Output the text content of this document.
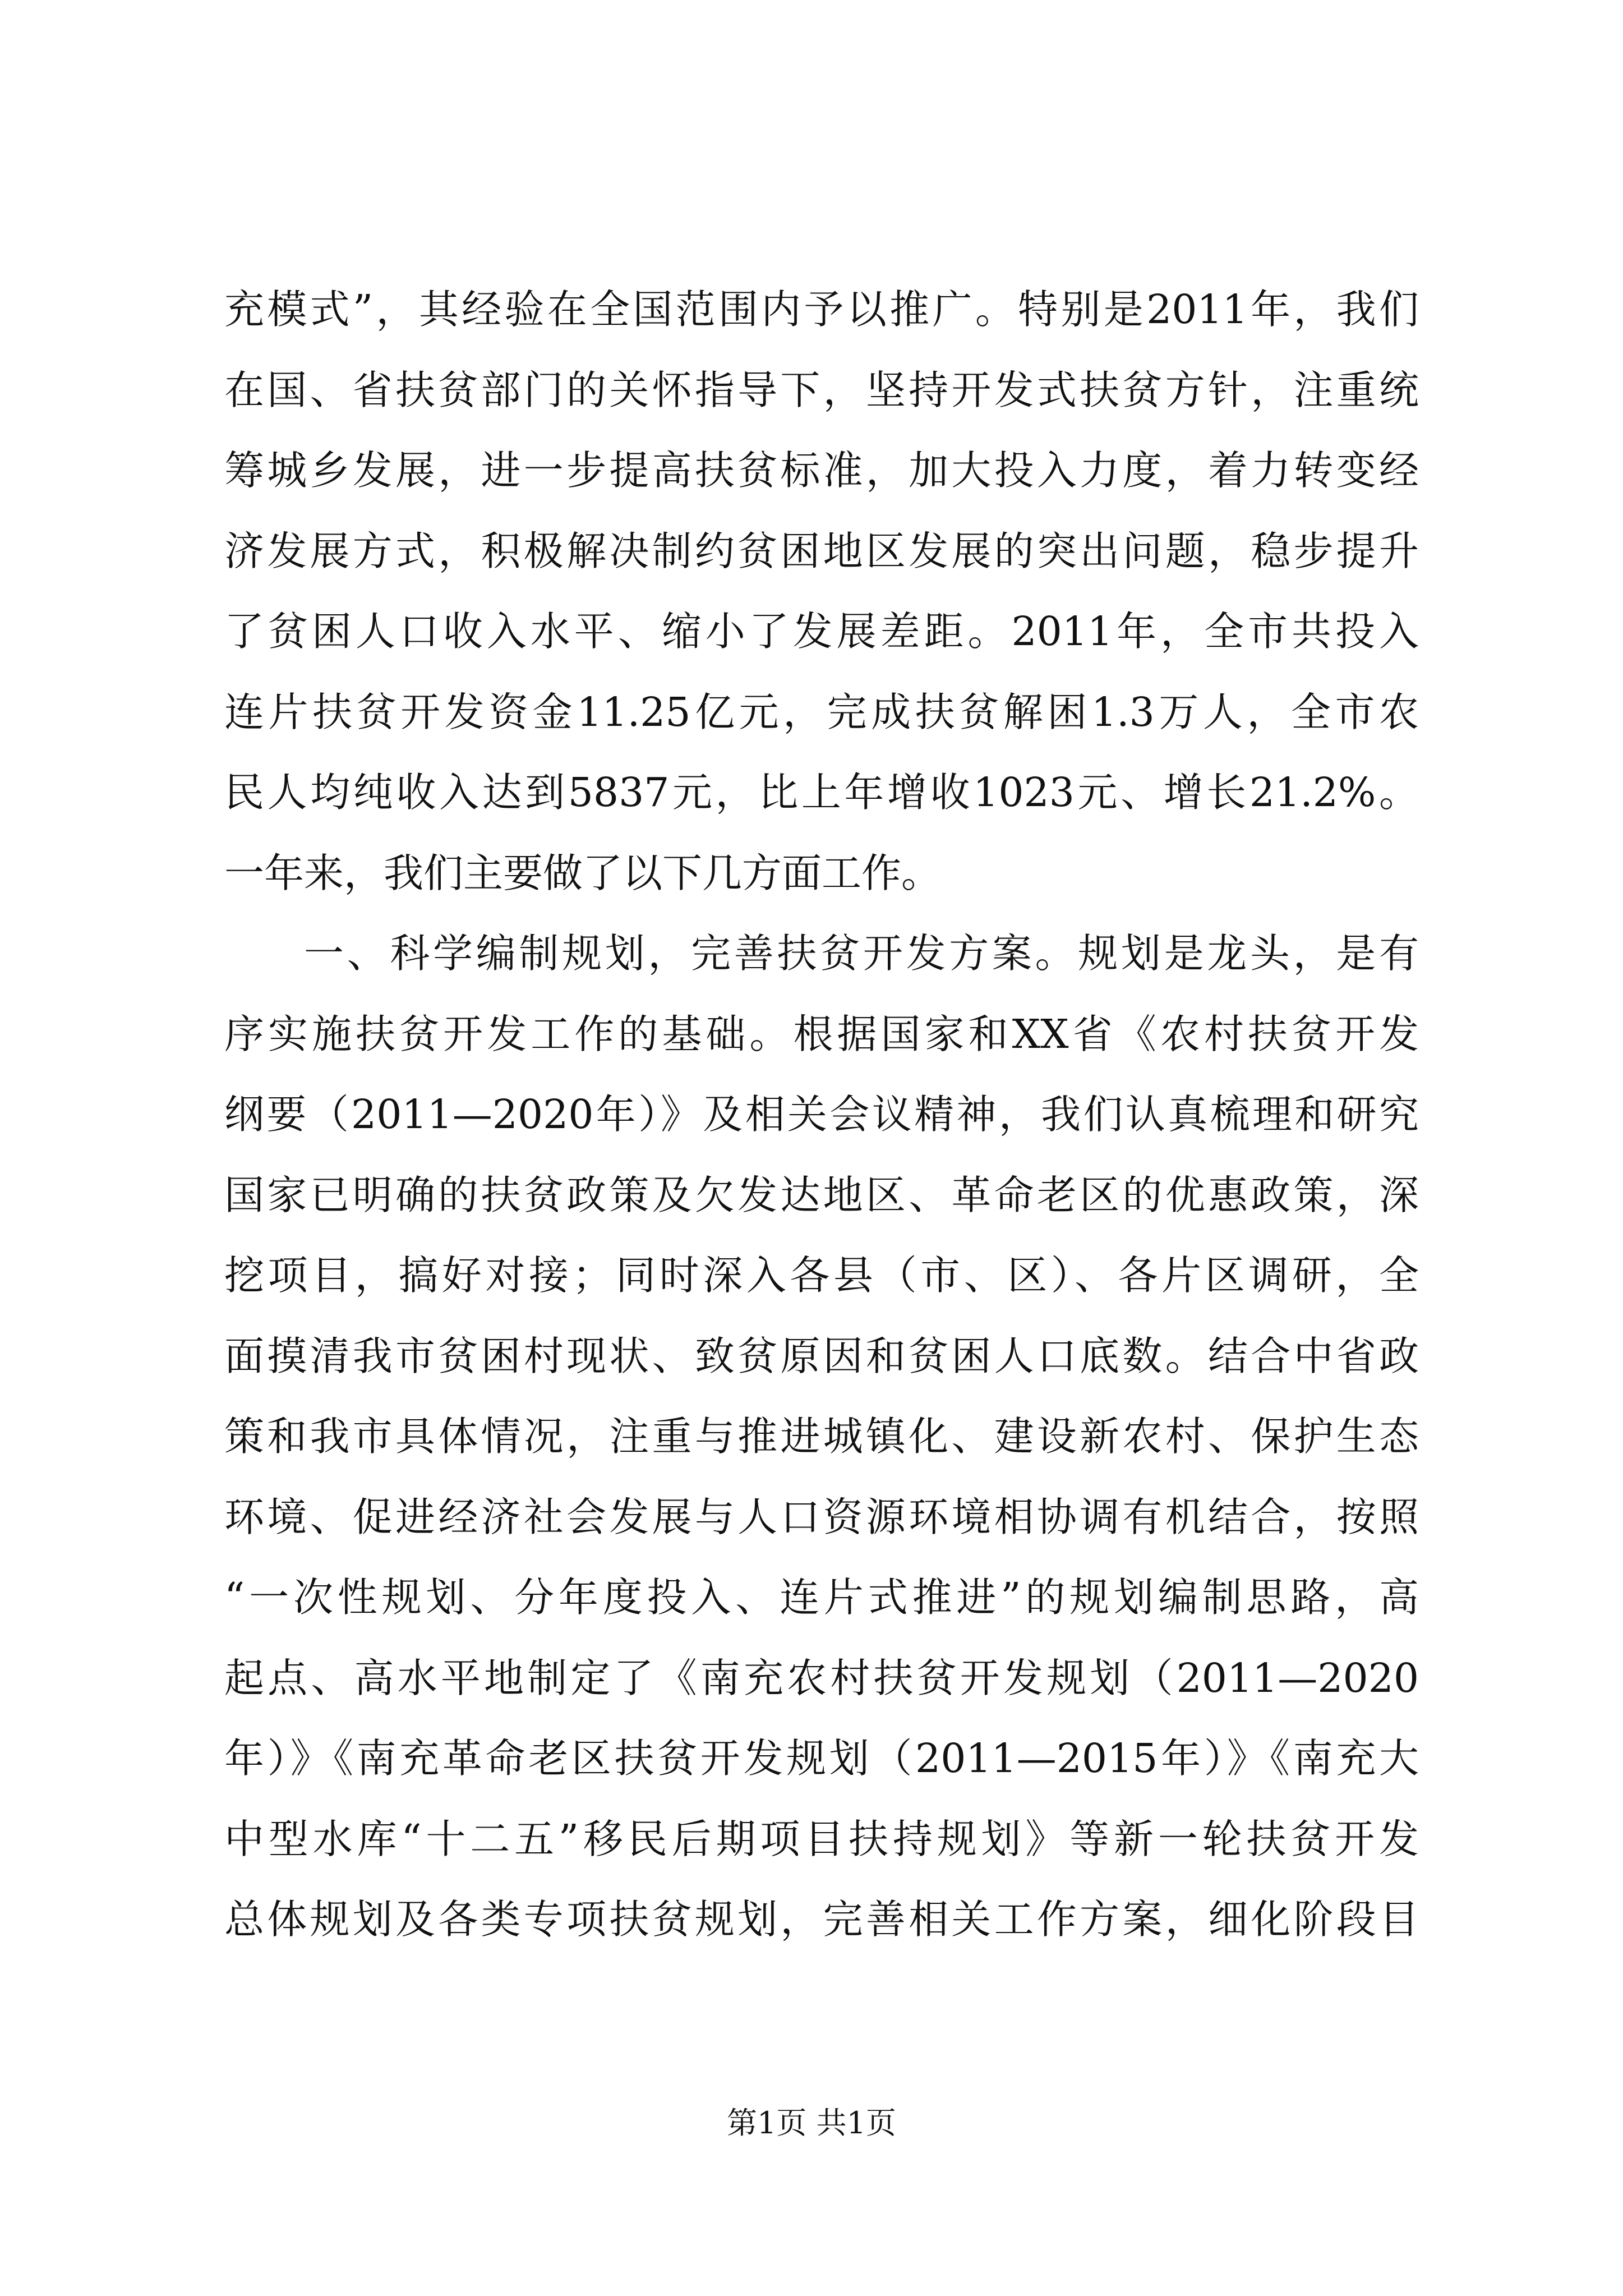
充模式”，其经验在全国范围内予以推广。特别是2011年，我们
在国、省扶贫部门的关怀指导下，坚持开发式扶贫方针，注重统
筹城乡发展，进一步提高扶贫标准，加大投入力度，着力转变经
济发展方式，积极解决制约贫困地区发展的突出问题，稳步提升
了贫困人口收入水平、缩小了发展差距。2011年，全市共投入
连片扶贫开发资金11.25亿元，完成扶贫解困1.3万人，全市农
民人均纯收入达到5837元，比上年增收1023元、增长21.2%。
一年来，我们主要做了以下几方面工作。
一、科学编制规划，完善扶贫开发方案。规划是龙头，是有
序实施扶贫开发工作的基础。根据国家和XX省《农村扶贫开发
纲要（2011—2020年）》及相关会议精神，我们认真梳理和研究
国家已明确的扶贫政策及欠发达地区、革命老区的优惠政策，深
挖项目，搞好对接；同时深入各县（市、区）、各片区调研，全
面摸清我市贫困村现状、致贫原因和贫困人口底数。结合中省政
策和我市具体情况，注重与推进城镇化、建设新农村、保护生态
环境、促进经济社会发展与人口资源环境相协调有机结合，按照
“一次性规划、分年度投入、连片式推进”的规划编制思路，高
起点、高水平地制定了《南充农村扶贫开发规划（2011—2020
年）》《南充革命老区扶贫开发规划（2011—2015年）》《南充大
中型水库“十二五”移民后期项目扶持规划》等新一轮扶贫开发
总体规划及各类专项扶贫规划，完善相关工作方案，细化阶段目
第1页 共1页
